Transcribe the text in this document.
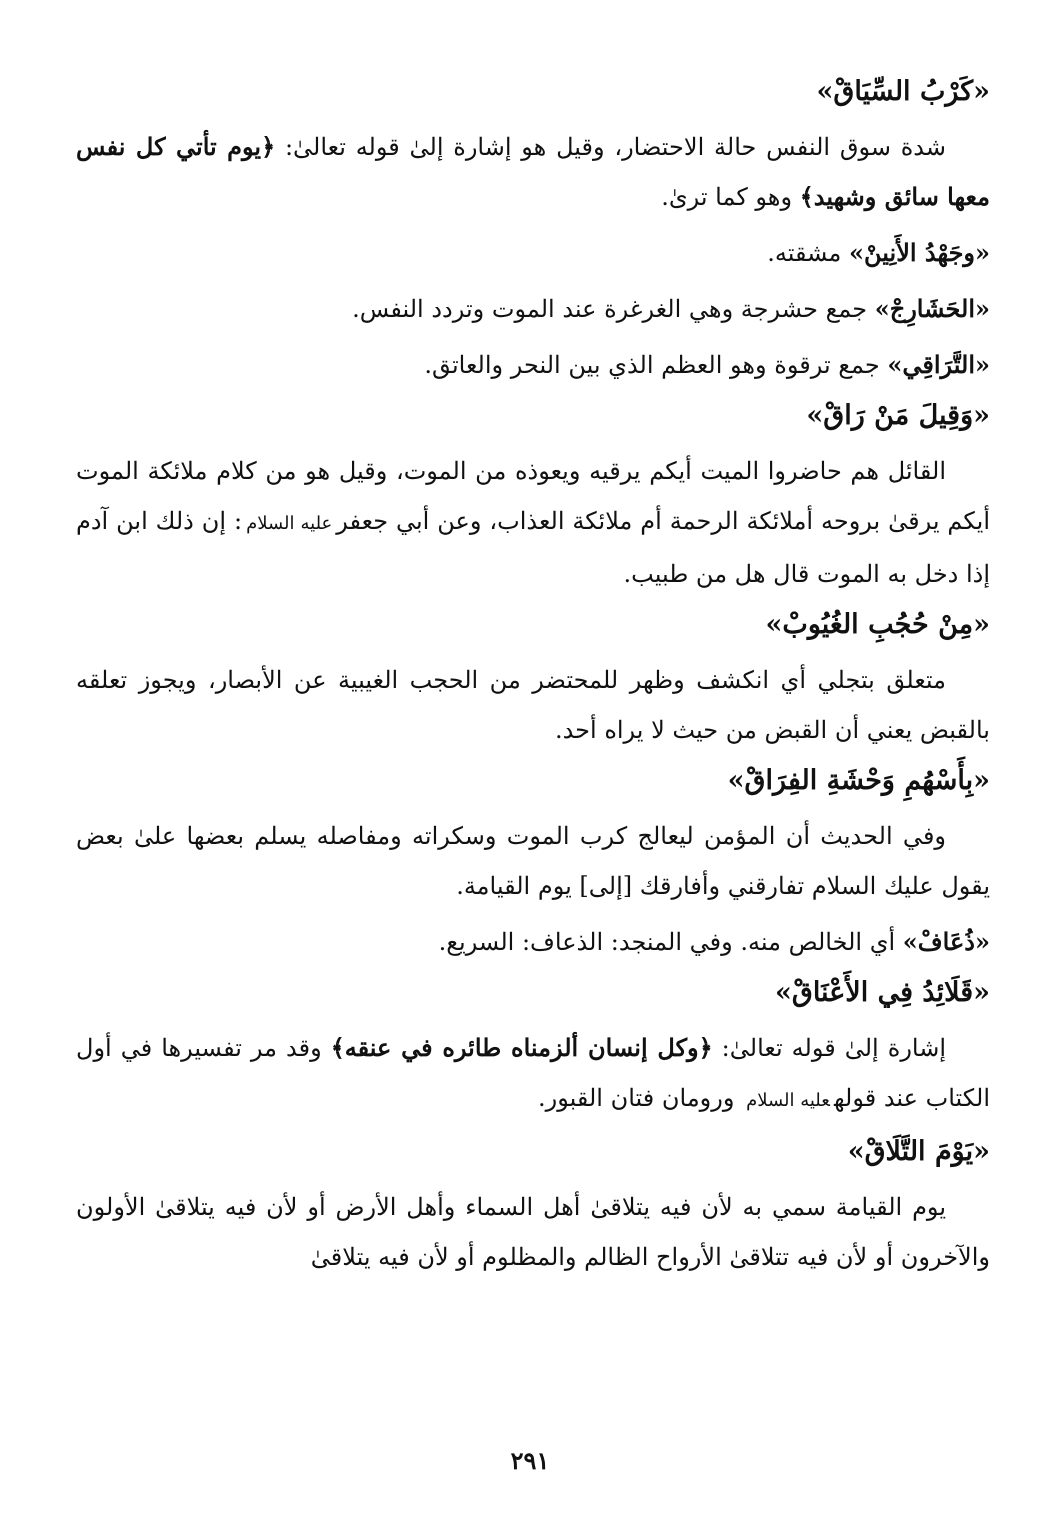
«كَرْبُ السِّيَاقْ»

شدة سوق النفس حالة الاحتضار، وقيل هو إشارة إلىٰ قوله تعالىٰ: ﴿يوم تأتي كل نفس معها سائق وشهيد﴾ وهو كما ترىٰ.

«وجَهْدُ الأَنِينْ» مشقته.

«الحَشَارِجْ» جمع حشرجة وهي الغرغرة عند الموت وتردد النفس.

«التَّرَاقِي» جمع ترقوة وهو العظم الذي بين النحر والعاتق.

«وَقِيلَ مَنْ رَاقْ»

القائل هم حاضروا الميت أيكم يرقيه ويعوذه من الموت، وقيل هو من كلام ملائكة الموت أيكم يرقىٰ بروحه أملائكة الرحمة أم ملائكة العذاب، وعن أبي جعفرعليه السلام: إن ذلك ابن آدم إذا دخل به الموت قال هل من طبيب.

«مِنْ حُجُبِ الغُيُوبْ»

متعلق بتجلي أي انكشف وظهر للمحتضر من الحجب الغيبية عن الأبصار، ويجوز تعلقه بالقبض يعني أن القبض من حيث لا يراه أحد.

«بِأَسْهُمِ وَحْشَةِ الفِرَاقْ»

وفي الحديث أن المؤمن ليعالج كرب الموت وسكراته ومفاصله يسلم بعضها علىٰ بعض يقول عليك السلام تفارقني وأفارقك [إلى] يوم القيامة.

«ذُعَافْ» أي الخالص منه. وفي المنجد: الذعاف: السريع.

«قَلَائِدُ فِي الأَعْنَاقْ»

إشارة إلىٰ قوله تعالىٰ: ﴿وكل إنسان ألزمناه طائره في عنقه﴾ وقد مر تفسيرها في أول الكتاب عند قولهعليه السلام ورومان فتان القبور.

«يَوْمَ التَّلَاقْ»

يوم القيامة سمي به لأن فيه يتلاقىٰ أهل السماء وأهل الأرض أو لأن فيه يتلاقىٰ الأولون والآخرون أو لأن فيه تتلاقىٰ الأرواح الظالم والمظلوم أو لأن فيه يتلاقىٰ

٢٩١
